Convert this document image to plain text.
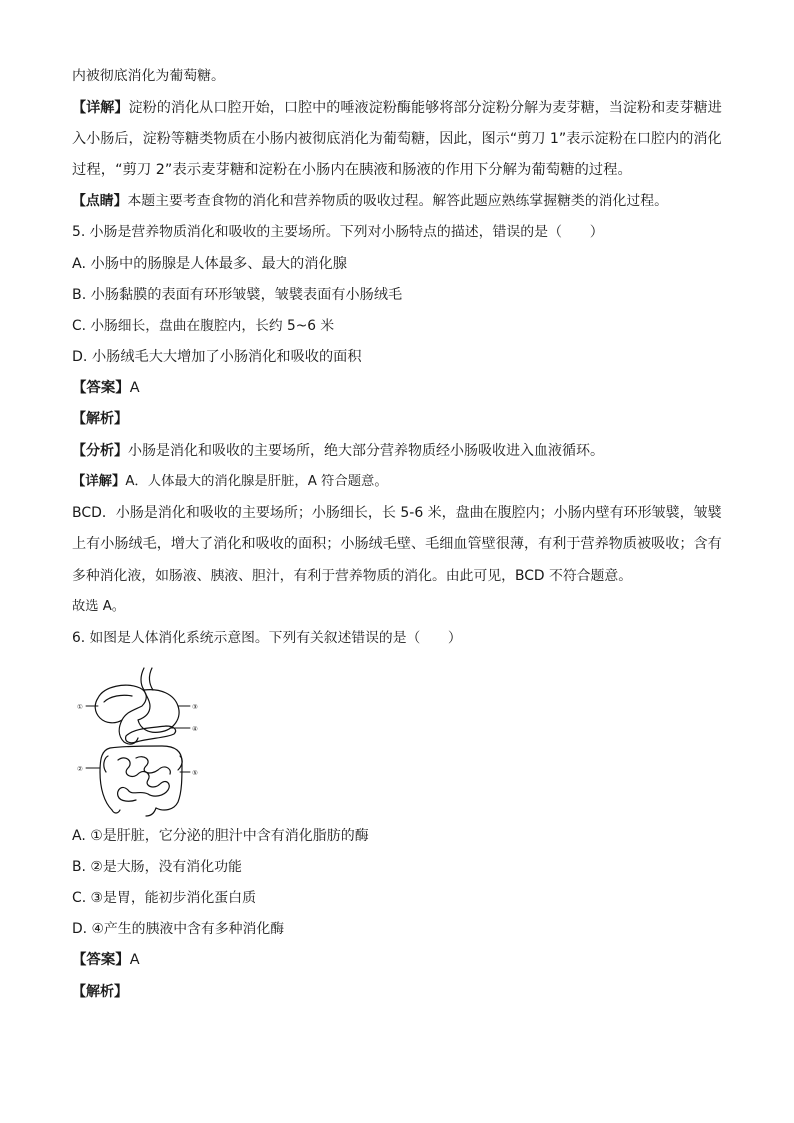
内被彻底消化为葡萄糖。
【详解】淀粉的消化从口腔开始，口腔中的唾液淀粉酶能够将部分淀粉分解为麦芽糖，当淀粉和麦芽糖进
入小肠后，淀粉等糖类物质在小肠内被彻底消化为葡萄糖，因此，图示“剪刀 1”表示淀粉在口腔内的消化
过程，“剪刀 2”表示麦芽糖和淀粉在小肠内在胰液和肠液的作用下分解为葡萄糖的过程。
【点睛】本题主要考查食物的消化和营养物质的吸收过程。解答此题应熟练掌握糖类的消化过程。
5. 小肠是营养物质消化和吸收的主要场所。下列对小肠特点的描述，错误的是（　　）
A. 小肠中的肠腺是人体最多、最大的消化腺
B. 小肠黏膜的表面有环形皱襞，皱襞表面有小肠绒毛
C. 小肠细长，盘曲在腹腔内，长约 5~6 米
D. 小肠绒毛大大增加了小肠消化和吸收的面积
【答案】A
【解析】
【分析】小肠是消化和吸收的主要场所，绝大部分营养物质经小肠吸收进入血液循环。
【详解】A．人体最大的消化腺是肝脏，A 符合题意。
BCD．小肠是消化和吸收的主要场所；小肠细长，长 5-6 米，盘曲在腹腔内；小肠内壁有环形皱襞，皱襞
上有小肠绒毛，增大了消化和吸收的面积；小肠绒毛壁、毛细血管壁很薄，有利于营养物质被吸收；含有
多种消化液，如肠液、胰液、胆汁，有利于营养物质的消化。由此可见，BCD 不符合题意。
故选 A。
6. 如图是人体消化系统示意图。下列有关叙述错误的是（　　）
①
②
③
④
⑤
A. ①是肝脏，它分泌的胆汁中含有消化脂肪的酶
B. ②是大肠，没有消化功能
C. ③是胃，能初步消化蛋白质
D. ④产生的胰液中含有多种消化酶
【答案】A
【解析】
